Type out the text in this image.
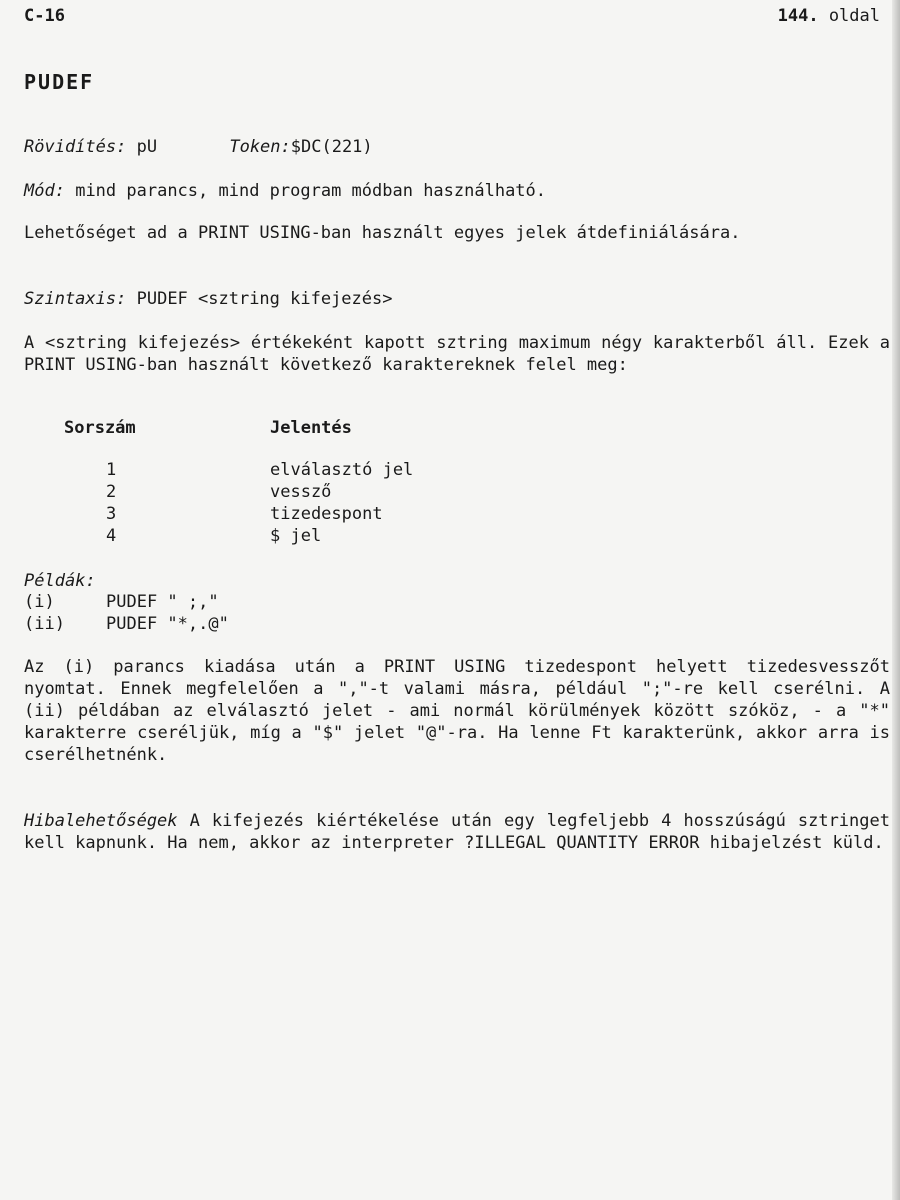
C-16	144. oldal
PUDEF
Rövidítés: pU	Token:$DC(221)
Mód: mind parancs, mind program módban használható.
Lehetőséget ad a PRINT USING-ban használt egyes jelek átdefiniálására.
Szintaxis: PUDEF <sztring kifejezés>
A <sztring kifejezés> értékeként kapott sztring maximum négy karakterből áll. Ezek a PRINT USING-ban használt következő karaktereknek felel meg:
Sorszám	Jelentés
1	elválasztó jel
2	vessző
3	tizedespont
4	$ jel
Példák:
(i)	PUDEF " ;,"
(ii) PUDEF "*,.@"
Az (i) parancs kiadása után a PRINT USING tizedespont helyett tizedesvesszőt nyomtat. Ennek megfelelően a ","-t valami másra, például ";"-re kell cserélni. A (ii) példában az elválasztó jelet - ami normál körülmények között szóköz, - a "*" karakterre cseréljük, míg a "$" jelet "@"-ra. Ha lenne Ft karakterünk, akkor arra is cserélhetnénk.
Hibalehetőségek A kifejezés kiértékelése után egy legfeljebb 4 hosszúságú sztringet kell kapnunk. Ha nem, akkor az interpreter ?ILLEGAL QUANTITY ERROR hibajelzést küld.
